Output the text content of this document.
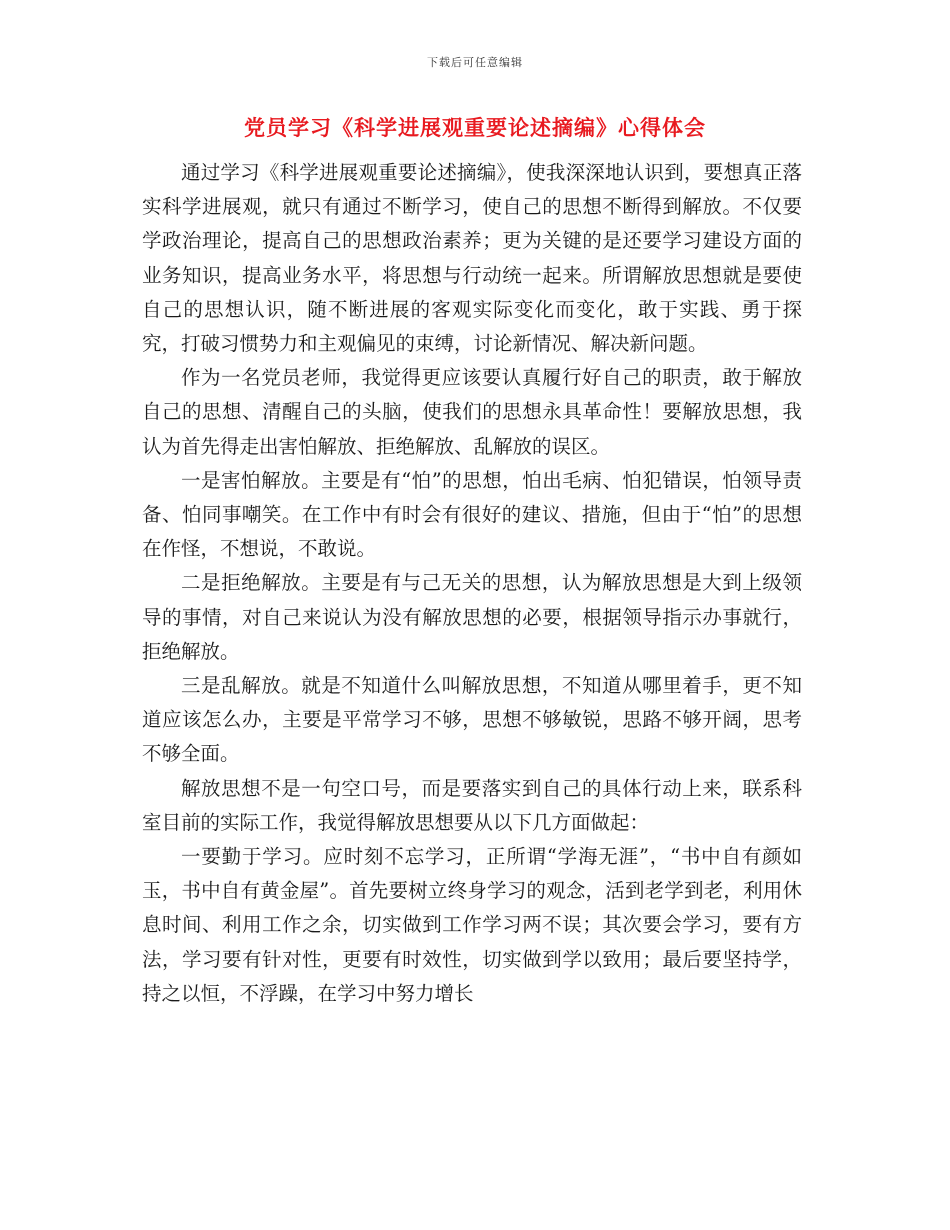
下载后可任意编辑
党员学习《科学进展观重要论述摘编》心得体会

通过学习《科学进展观重要论述摘编》，使我深深地认识到，要想真正落实科学进展观，就只有通过不断学习，使自己的思想不断得到解放。不仅要学政治理论，提高自己的思想政治素养；更为关键的是还要学习建设方面的业务知识，提高业务水平，将思想与行动统一起来。所谓解放思想就是要使自己的思想认识，随不断进展的客观实际变化而变化，敢于实践、勇于探究，打破习惯势力和主观偏见的束缚，讨论新情况、解决新问题。

作为一名党员老师，我觉得更应该要认真履行好自己的职责，敢于解放自己的思想、清醒自己的头脑，使我们的思想永具革命性！要解放思想，我认为首先得走出害怕解放、拒绝解放、乱解放的误区。

一是害怕解放。主要是有“怕”的思想，怕出毛病、怕犯错误，怕领导责备、怕同事嘲笑。在工作中有时会有很好的建议、措施，但由于“怕”的思想在作怪，不想说，不敢说。

二是拒绝解放。主要是有与己无关的思想，认为解放思想是大到上级领导的事情，对自己来说认为没有解放思想的必要，根据领导指示办事就行，拒绝解放。

三是乱解放。就是不知道什么叫解放思想，不知道从哪里着手，更不知道应该怎么办，主要是平常学习不够，思想不够敏锐，思路不够开阔，思考不够全面。

解放思想不是一句空口号，而是要落实到自己的具体行动上来，联系科室目前的实际工作，我觉得解放思想要从以下几方面做起：

一要勤于学习。应时刻不忘学习，正所谓“学海无涯”，“书中自有颜如玉，书中自有黄金屋”。首先要树立终身学习的观念，活到老学到老，利用休息时间、利用工作之余，切实做到工作学习两不误；其次要会学习，要有方法，学习要有针对性，更要有时效性，切实做到学以致用；最后要坚持学，持之以恒，不浮躁，在学习中努力增长
